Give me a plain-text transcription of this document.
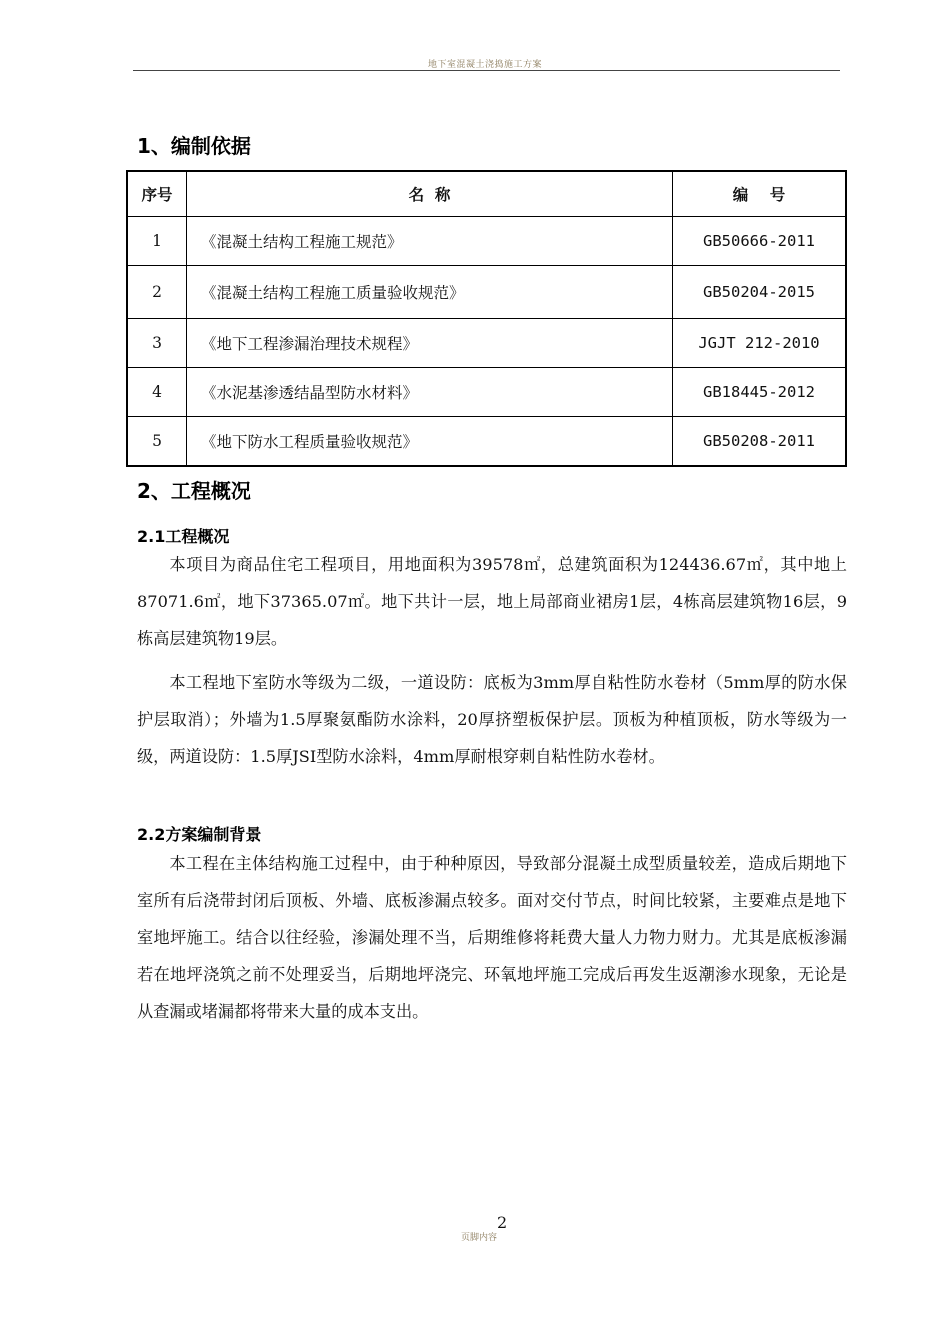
地下室混凝土浇捣施工方案
1、编制依据
序号	名  称	编    号
1	《混凝土结构工程施工规范》	GB50666-2011
2	《混凝土结构工程施工质量验收规范》	GB50204-2015
3	《地下工程渗漏治理技术规程》	JGJT 212-2010
4	《水泥基渗透结晶型防水材料》	GB18445-2012
5	《地下防水工程质量验收规范》	GB50208-2011
2、工程概况
2.1工程概况

本项目为商品住宅工程项目，用地面积为39578㎡，总建筑面积为124436.67㎡，其中地上87071.6㎡，地下37365.07㎡。地下共计一层，地上局部商业裙房1层，4栋高层建筑物16层，9栋高层建筑物19层。

本工程地下室防水等级为二级，一道设防：底板为3mm厚自粘性防水卷材（5mm厚的防水保护层取消）；外墙为1.5厚聚氨酯防水涂料，20厚挤塑板保护层。顶板为种植顶板，防水等级为一级，两道设防：1.5厚JSⅠ型防水涂料，4mm厚耐根穿刺自粘性防水卷材。

2.2方案编制背景

本工程在主体结构施工过程中，由于种种原因，导致部分混凝土成型质量较差，造成后期地下室所有后浇带封闭后顶板、外墙、底板渗漏点较多。面对交付节点，时间比较紧，主要难点是地下室地坪施工。结合以往经验，渗漏处理不当，后期维修将耗费大量人力物力财力。尤其是底板渗漏若在地坪浇筑之前不处理妥当，后期地坪浇完、环氧地坪施工完成后再发生返潮渗水现象，无论是从查漏或堵漏都将带来大量的成本支出。

2
页脚内容
